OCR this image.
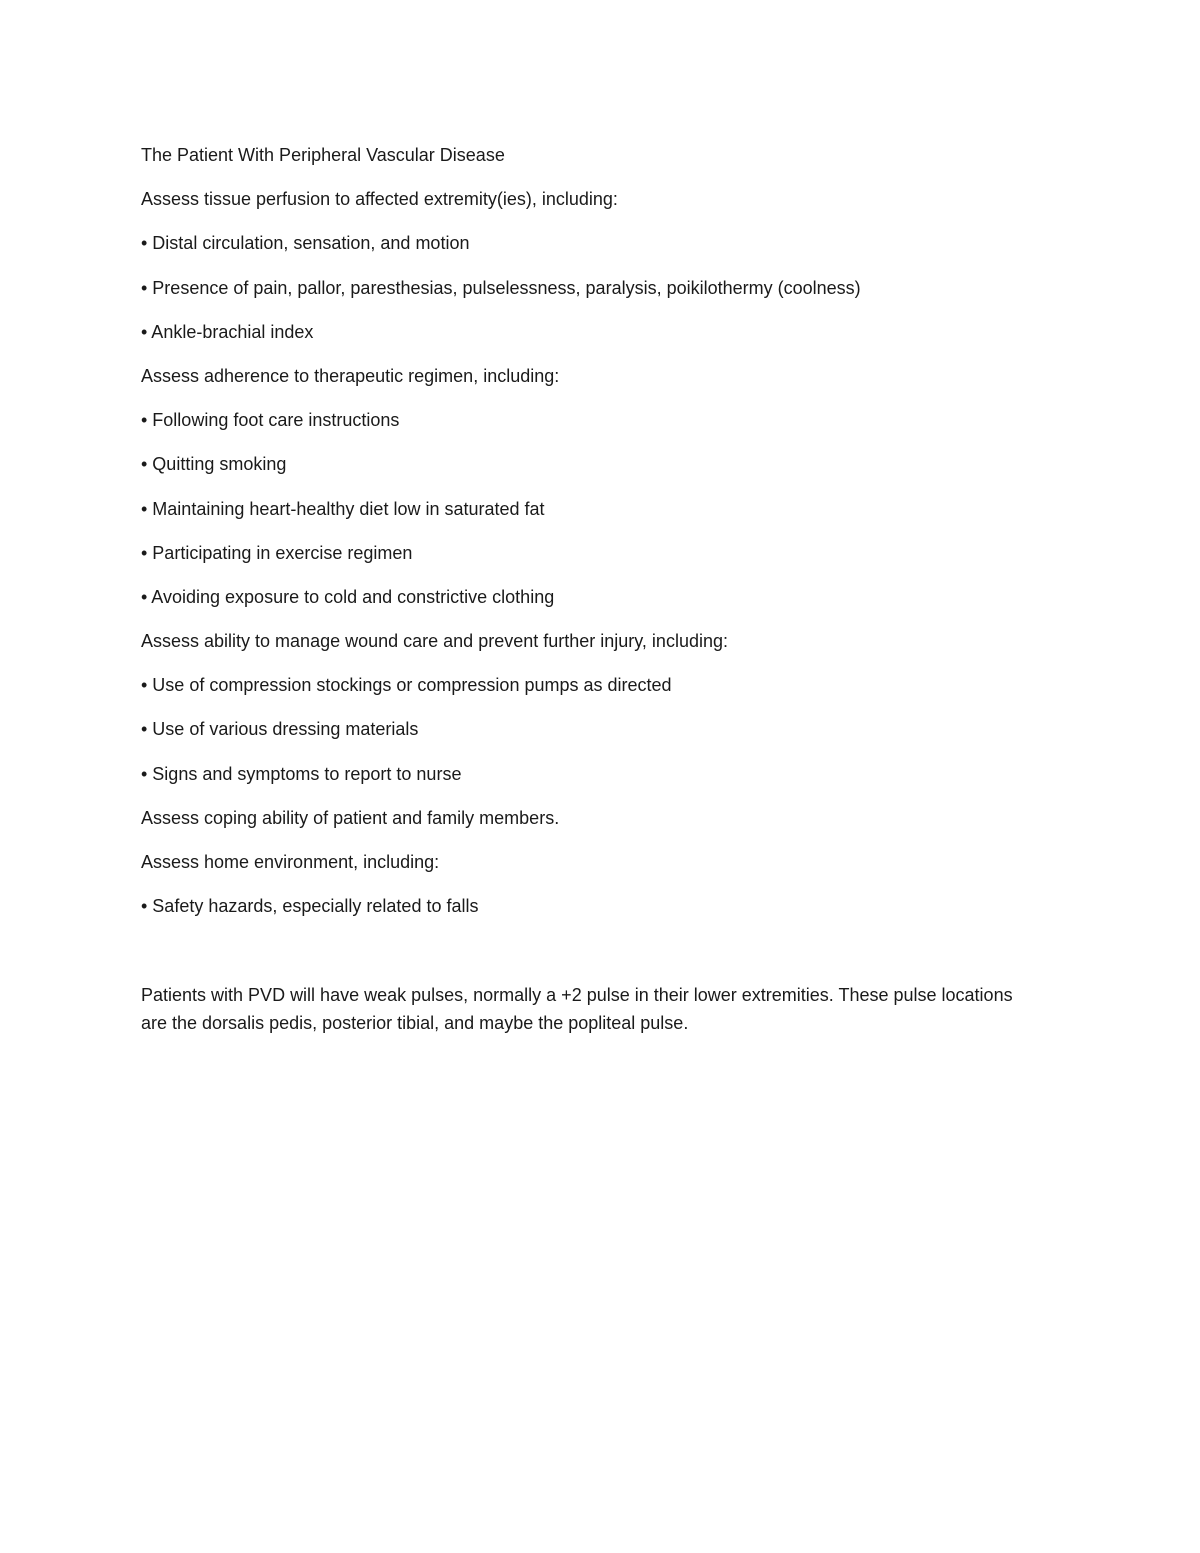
The Patient With Peripheral Vascular Disease

Assess tissue perfusion to affected extremity(ies), including:

• Distal circulation, sensation, and motion

• Presence of pain, pallor, paresthesias, pulselessness, paralysis, poikilothermy (coolness)

• Ankle-brachial index

Assess adherence to therapeutic regimen, including:

• Following foot care instructions

• Quitting smoking

• Maintaining heart-healthy diet low in saturated fat

• Participating in exercise regimen

• Avoiding exposure to cold and constrictive clothing

Assess ability to manage wound care and prevent further injury, including:

• Use of compression stockings or compression pumps as directed

• Use of various dressing materials

• Signs and symptoms to report to nurse

Assess coping ability of patient and family members.

Assess home environment, including:

• Safety hazards, especially related to falls

Patients with PVD will have weak pulses, normally a +2 pulse in their lower extremities. These pulse locations are the dorsalis pedis, posterior tibial, and maybe the popliteal pulse.
